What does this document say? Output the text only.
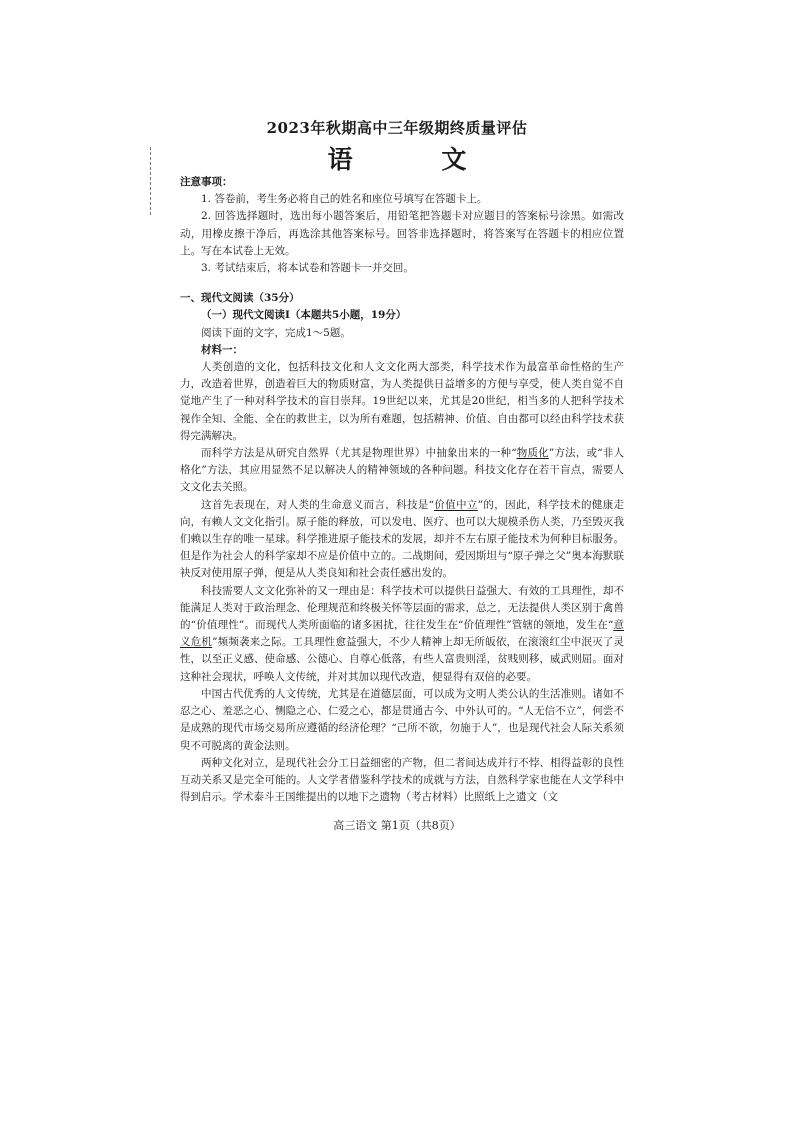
2023年秋期高中三年级期终质量评估
语 文

注意事项：

1. 答卷前，考生务必将自己的姓名和座位号填写在答题卡上。

2. 回答选择题时，选出每小题答案后，用铅笔把答题卡对应题目的答案标号涂黑。如需改动，用橡皮擦干净后，再选涂其他答案标号。回答非选择题时，将答案写在答题卡的相应位置上。写在本试卷上无效。

3. 考试结束后，将本试卷和答题卡一并交回。

一、现代文阅读（35分）

（一）现代文阅读Ⅰ（本题共5小题，19分）

阅读下面的文字，完成1～5题。

材料一：

人类创造的文化，包括科技文化和人文文化两大部类，科学技术作为最富革命性格的生产力，改造着世界，创造着巨大的物质财富，为人类提供日益增多的方便与享受，使人类自觉不自觉地产生了一种对科学技术的盲目崇拜。19世纪以来，尤其是20世纪，相当多的人把科学技术视作全知、全能、全在的救世主，以为所有难题，包括精神、价值、自由都可以经由科学技术获得完满解决。

而科学方法是从研究自然界（尤其是物理世界）中抽象出来的一种“物质化”方法，或“非人格化”方法，其应用显然不足以解决人的精神领域的各种问题。科技文化存在若干盲点，需要人文文化去关照。

这首先表现在，对人类的生命意义而言，科技是“价值中立”的，因此，科学技术的健康走向，有赖人文文化指引。原子能的释放，可以发电、医疗、也可以大规模杀伤人类，乃至毁灭我们赖以生存的唯一星球。科学推进原子能技术的发展，却并不左右原子能技术为何种目标服务。但是作为社会人的科学家却不应是价值中立的。二战期间，爱因斯坦与“原子弹之父”奥本海默联袂反对使用原子弹，便是从人类良知和社会责任感出发的。

科技需要人文文化弥补的又一理由是：科学技术可以提供日益强大、有效的工具理性，却不能满足人类对于政治理念、伦理规范和终极关怀等层面的需求，总之，无法提供人类区别于禽兽的“价值理性”。而现代人类所面临的诸多困扰，往往发生在“价值理性”管辖的领地，发生在“意义危机”频频袭来之际。工具理性愈益强大，不少人精神上却无所皈依，在滚滚红尘中泯灭了灵性，以至正义感、使命感、公德心、自尊心低落，有些人富贵则淫，贫贱则移，威武则屈。面对这种社会现状，呼唤人文传统，并对其加以现代改造，便显得有双倍的必要。

中国古代优秀的人文传统，尤其是在道德层面，可以成为文明人类公认的生活准则。诸如不忍之心、羞恶之心、恻隐之心、仁爱之心，都是贯通古今、中外认可的。“人无信不立”，何尝不是成熟的现代市场交易所应遵循的经济伦理？“己所不欲，勿施于人”，也是现代社会人际关系须臾不可脱离的黄金法则。

两种文化对立，是现代社会分工日益细密的产物，但二者间达成并行不悖、相得益彰的良性互动关系又是完全可能的。人文学者借鉴科学技术的成就与方法，自然科学家也能在人文学科中得到启示。学术泰斗王国维提出的以地下之遗物（考古材料）比照纸上之遗文（文

高三语文 第1页（共8页）
